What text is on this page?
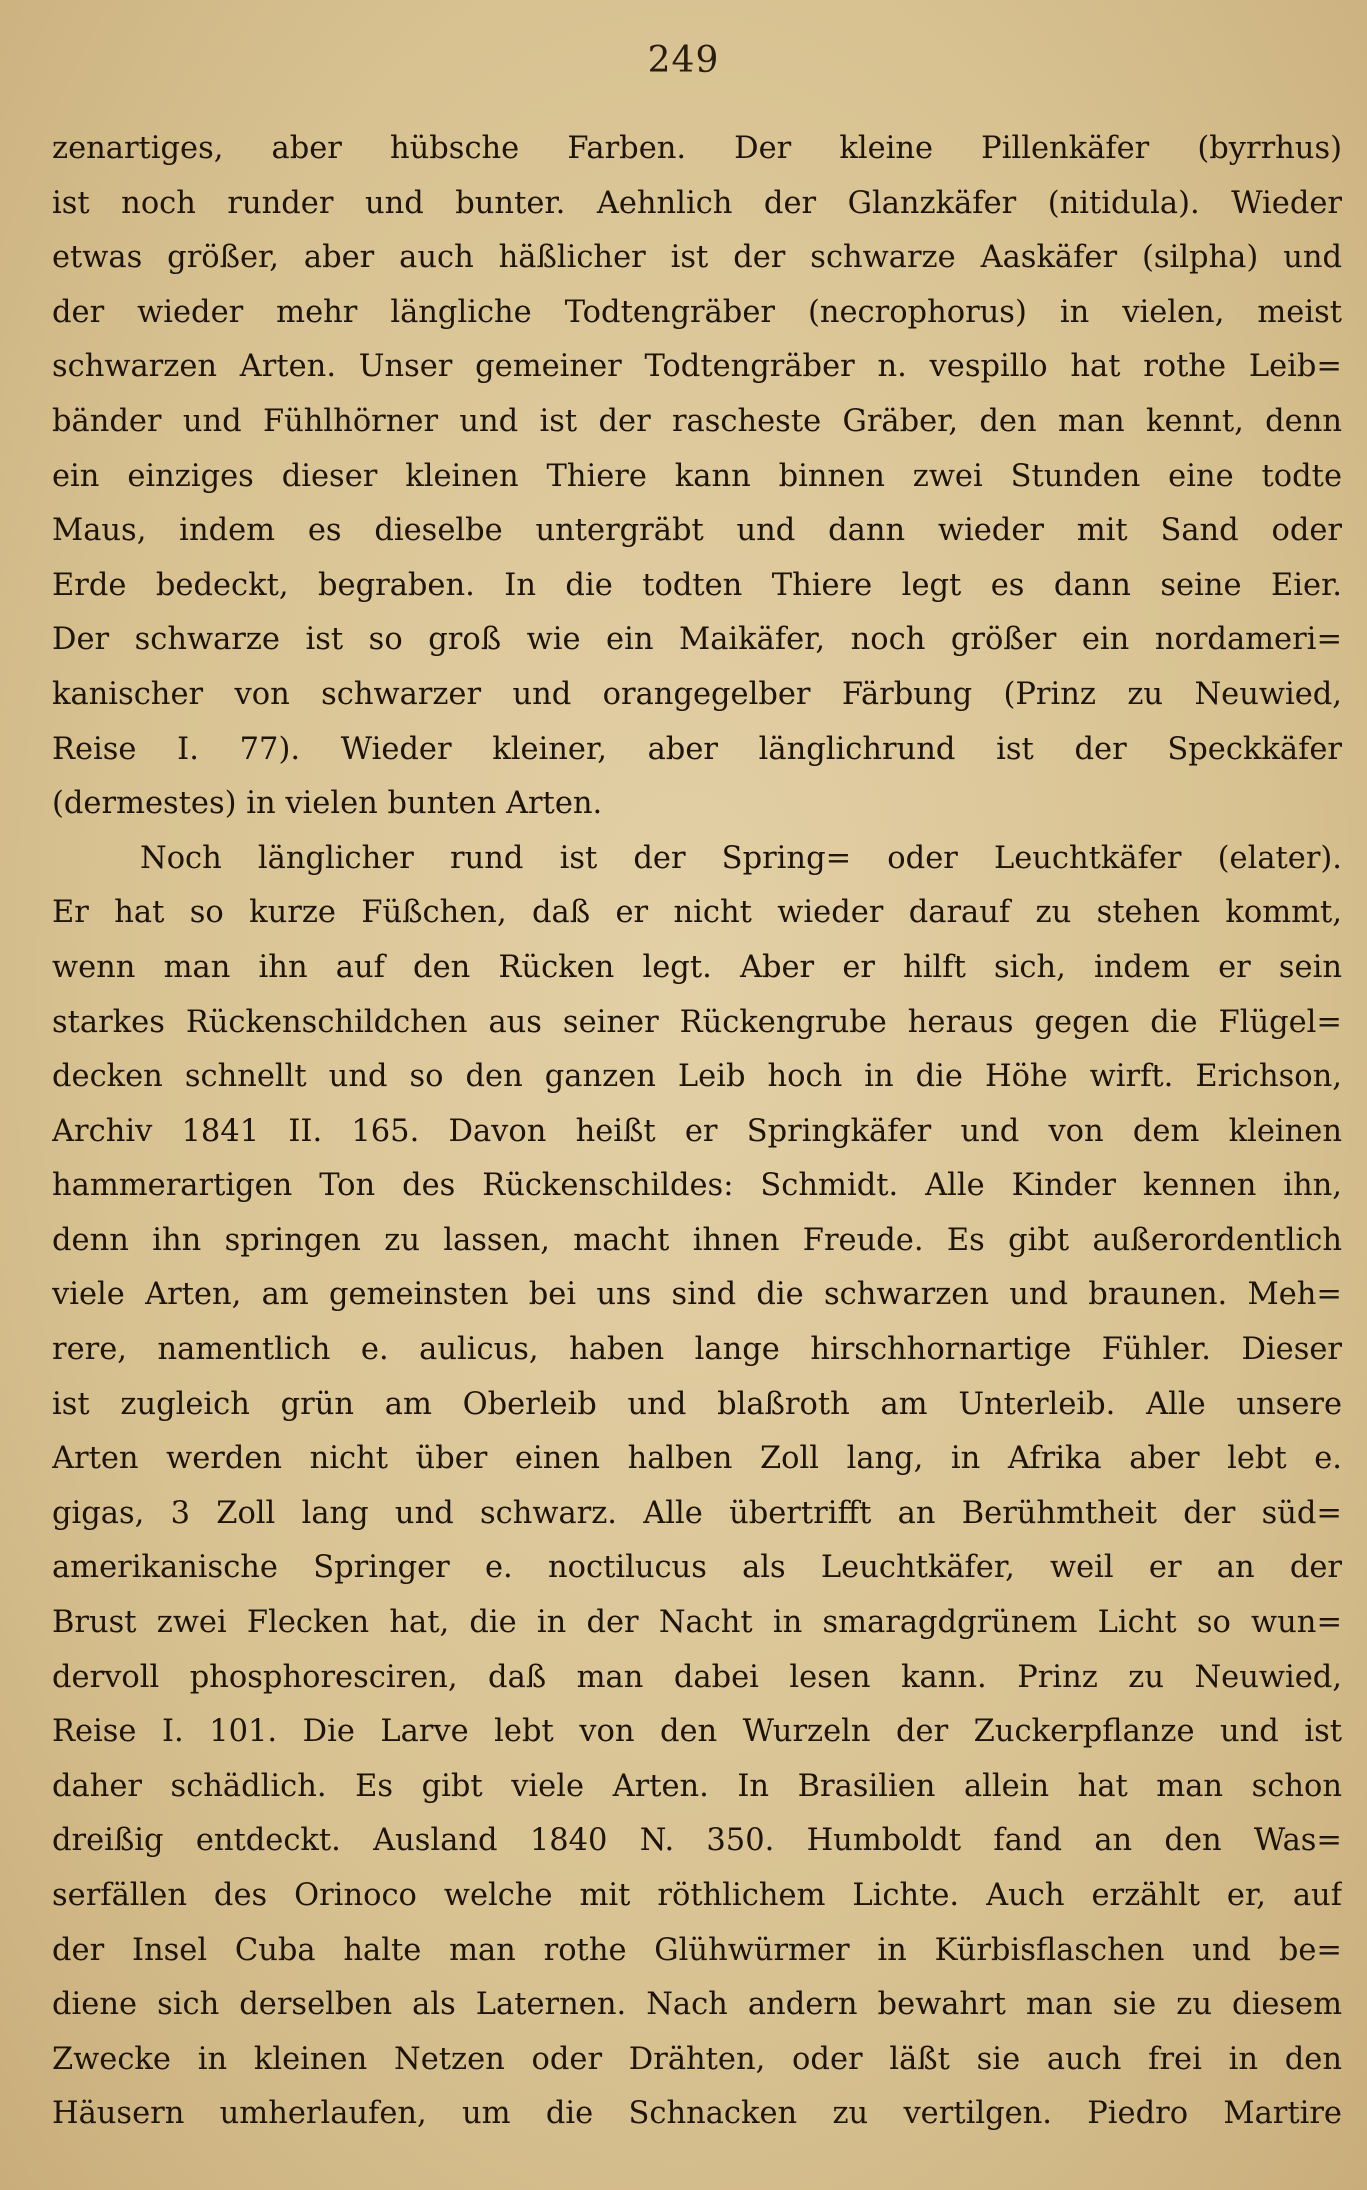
249
zenartiges, aber hübsche Farben. Der kleine Pillenkäfer (byrrhus)
ist noch runder und bunter. Aehnlich der Glanzkäfer (nitidula). Wieder
etwas größer, aber auch häßlicher ist der schwarze Aaskäfer (silpha) und
der wieder mehr längliche Todtengräber (necrophorus) in vielen, meist
schwarzen Arten. Unser gemeiner Todtengräber n. vespillo hat rothe Leib=
bänder und Fühlhörner und ist der rascheste Gräber, den man kennt, denn
ein einziges dieser kleinen Thiere kann binnen zwei Stunden eine todte
Maus, indem es dieselbe untergräbt und dann wieder mit Sand oder
Erde bedeckt, begraben. In die todten Thiere legt es dann seine Eier.
Der schwarze ist so groß wie ein Maikäfer, noch größer ein nordameri=
kanischer von schwarzer und orangegelber Färbung (Prinz zu Neuwied,
Reise I. 77). Wieder kleiner, aber länglichrund ist der Speckkäfer
(dermestes) in vielen bunten Arten.
Noch länglicher rund ist der Spring= oder Leuchtkäfer (elater).
Er hat so kurze Füßchen, daß er nicht wieder darauf zu stehen kommt,
wenn man ihn auf den Rücken legt. Aber er hilft sich, indem er sein
starkes Rückenschildchen aus seiner Rückengrube heraus gegen die Flügel=
decken schnellt und so den ganzen Leib hoch in die Höhe wirft. Erichson,
Archiv 1841 II. 165. Davon heißt er Springkäfer und von dem kleinen
hammerartigen Ton des Rückenschildes: Schmidt. Alle Kinder kennen ihn,
denn ihn springen zu lassen, macht ihnen Freude. Es gibt außerordentlich
viele Arten, am gemeinsten bei uns sind die schwarzen und braunen. Meh=
rere, namentlich e. aulicus, haben lange hirschhornartige Fühler. Dieser
ist zugleich grün am Oberleib und blaßroth am Unterleib. Alle unsere
Arten werden nicht über einen halben Zoll lang, in Afrika aber lebt e.
gigas, 3 Zoll lang und schwarz. Alle übertrifft an Berühmtheit der süd=
amerikanische Springer e. noctilucus als Leuchtkäfer, weil er an der
Brust zwei Flecken hat, die in der Nacht in smaragdgrünem Licht so wun=
dervoll phosphoresciren, daß man dabei lesen kann. Prinz zu Neuwied,
Reise I. 101. Die Larve lebt von den Wurzeln der Zuckerpflanze und ist
daher schädlich. Es gibt viele Arten. In Brasilien allein hat man schon
dreißig entdeckt. Ausland 1840 N. 350. Humboldt fand an den Was=
serfällen des Orinoco welche mit röthlichem Lichte. Auch erzählt er, auf
der Insel Cuba halte man rothe Glühwürmer in Kürbisflaschen und be=
diene sich derselben als Laternen. Nach andern bewahrt man sie zu diesem
Zwecke in kleinen Netzen oder Drähten, oder läßt sie auch frei in den
Häusern umherlaufen, um die Schnacken zu vertilgen. Piedro Martire
